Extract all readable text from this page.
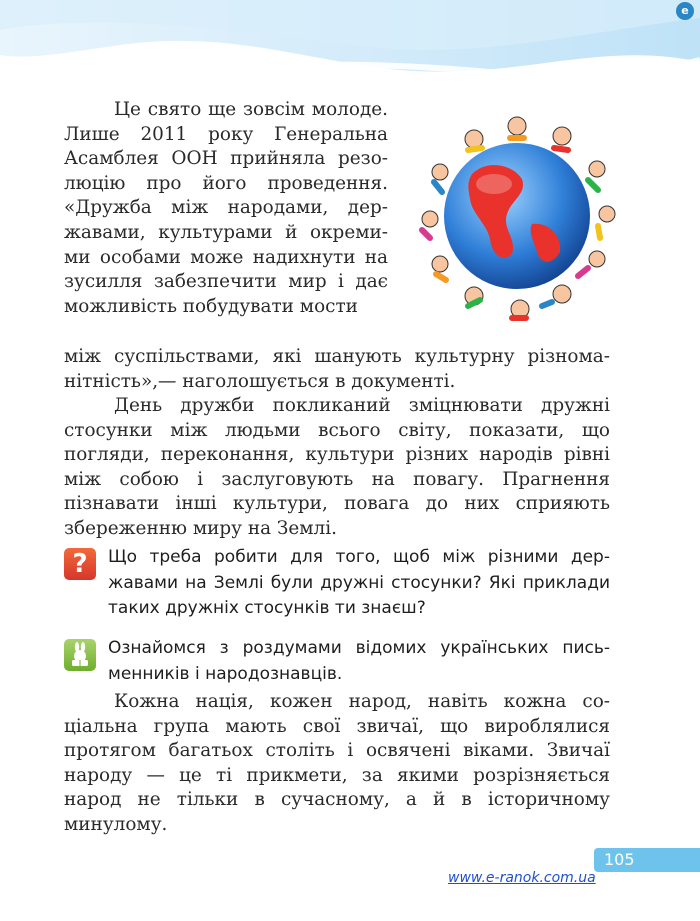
e

Це свято ще зовсім молоде. Лише 2011 року Генеральна Асамблея ООН прийняла резолюцію про його проведення. «Дружба між народами, державами, культурами й окремими особами може надихнути на зусилля забезпечити мир і дає можливість побудувати мости

між суспільствами, які шанують культурну різноманітність»,— наголошується в документі.

День дружби покликаний зміцнювати дружні стосунки між людьми всього світу, показати, що погляди, переконання, культури різних народів рівні між собою і заслуговують на повагу. Прагнення пізнавати інші культури, повага до них сприяють збереженню миру на Землі.

?	Що треба робити для того, щоб між різними державами на Землі були дружні стосунки? Які приклади таких дружніх стосунків ти знаєш?

Ознайомся з роздумами відомих українських письменників і народознавців.

Кожна нація, кожен народ, навіть кожна соціальна група мають свої звичаї, що вироблялися протягом багатьох століть і освячені віками. Звичаї народу — це ті прикмети, за якими розрізняється народ не тільки в сучасному, а й в історичному минулому.

105
www.e-ranok.com.ua
